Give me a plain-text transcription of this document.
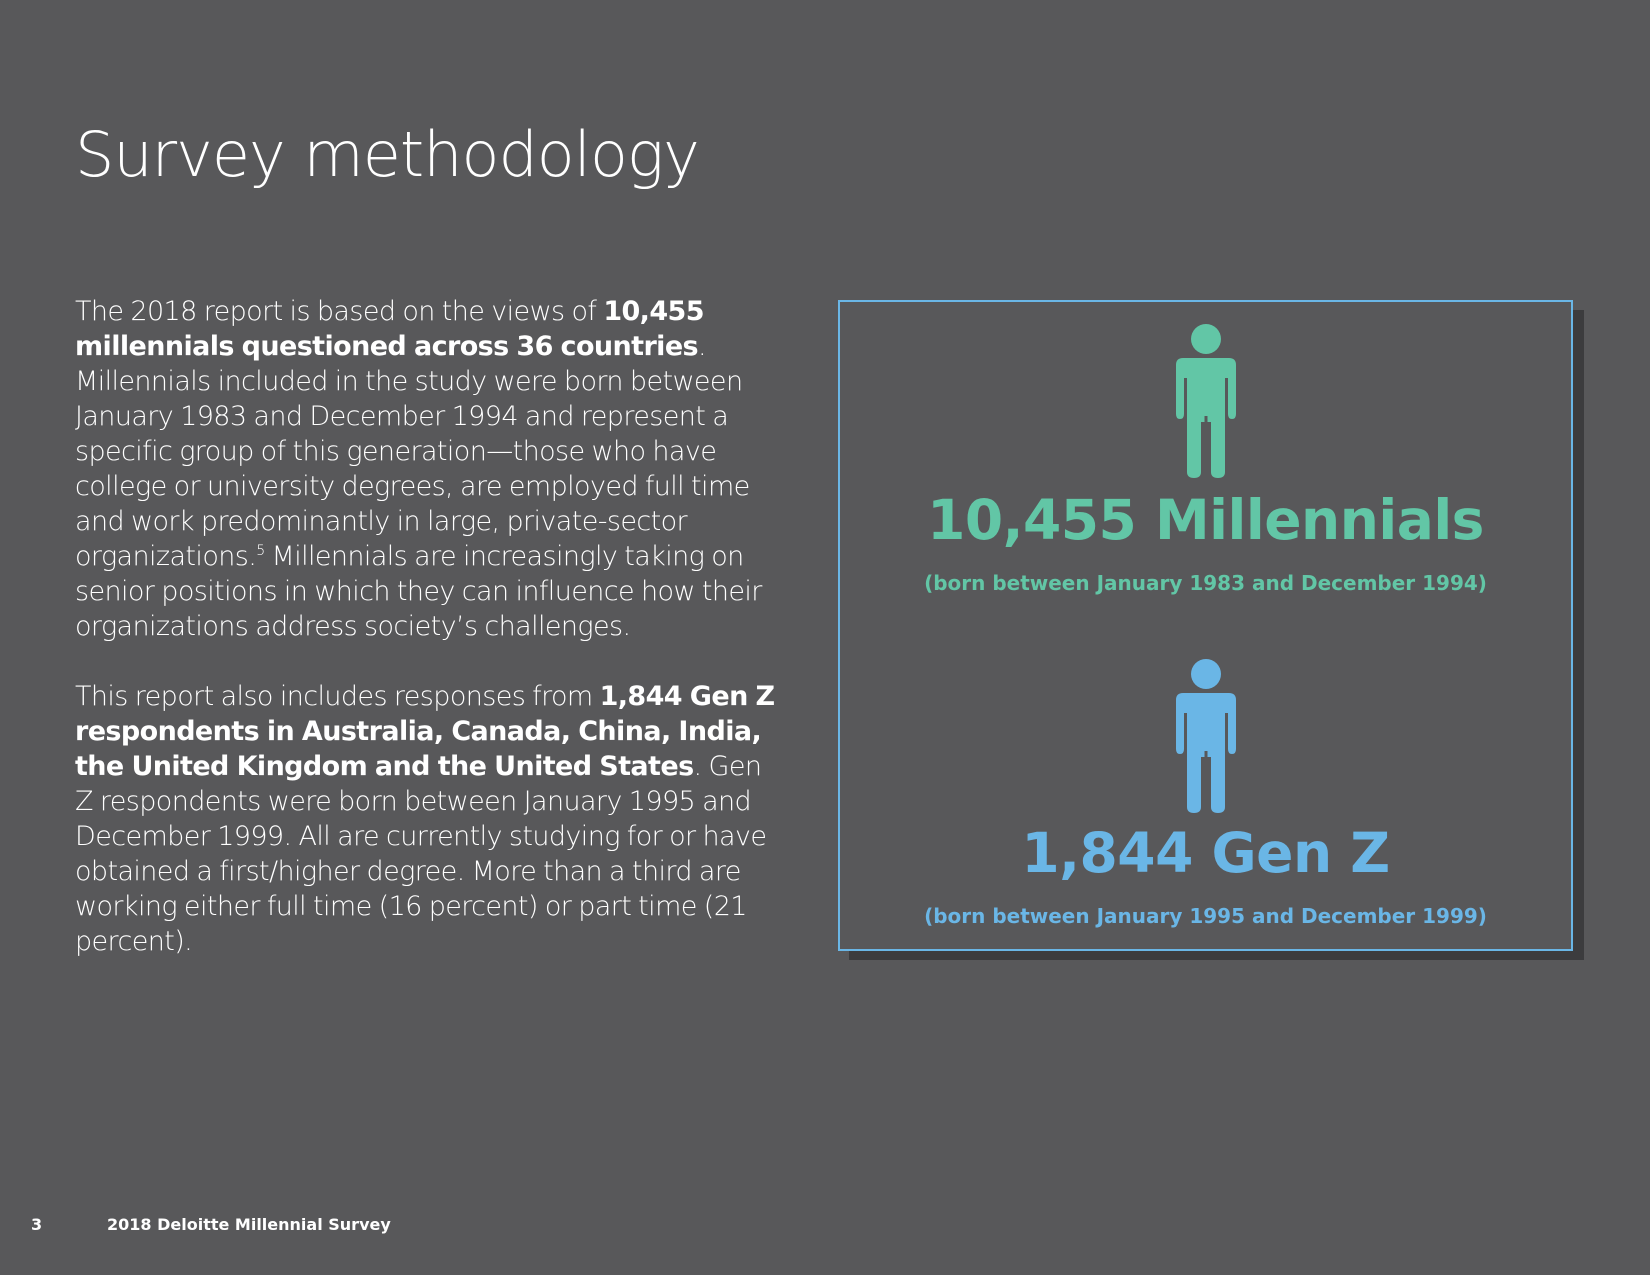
Survey methodology

The 2018 report is based on the views of 10,455 millennials questioned across 36 countries. Millennials included in the study were born between January 1983 and December 1994 and represent a specific group of this generation—those who have college or university degrees, are employed full time and work predominantly in large, private-sector organizations.$^5$ Millennials are increasingly taking on senior positions in which they can influence how their organizations address society’s challenges.

This report also includes responses from 1,844 Gen Z respondents in Australia, Canada, China, India, the United Kingdom and the United States. Gen Z respondents were born between January 1995 and December 1999. All are currently studying for or have obtained a first/higher degree. More than a third are working either full time (16 percent) or part time (21 percent).

10,455 Millennials
(born between January 1983 and December 1994)
1,844 Gen Z
(born between January 1995 and December 1999)
3	2018 Deloitte Millennial Survey
